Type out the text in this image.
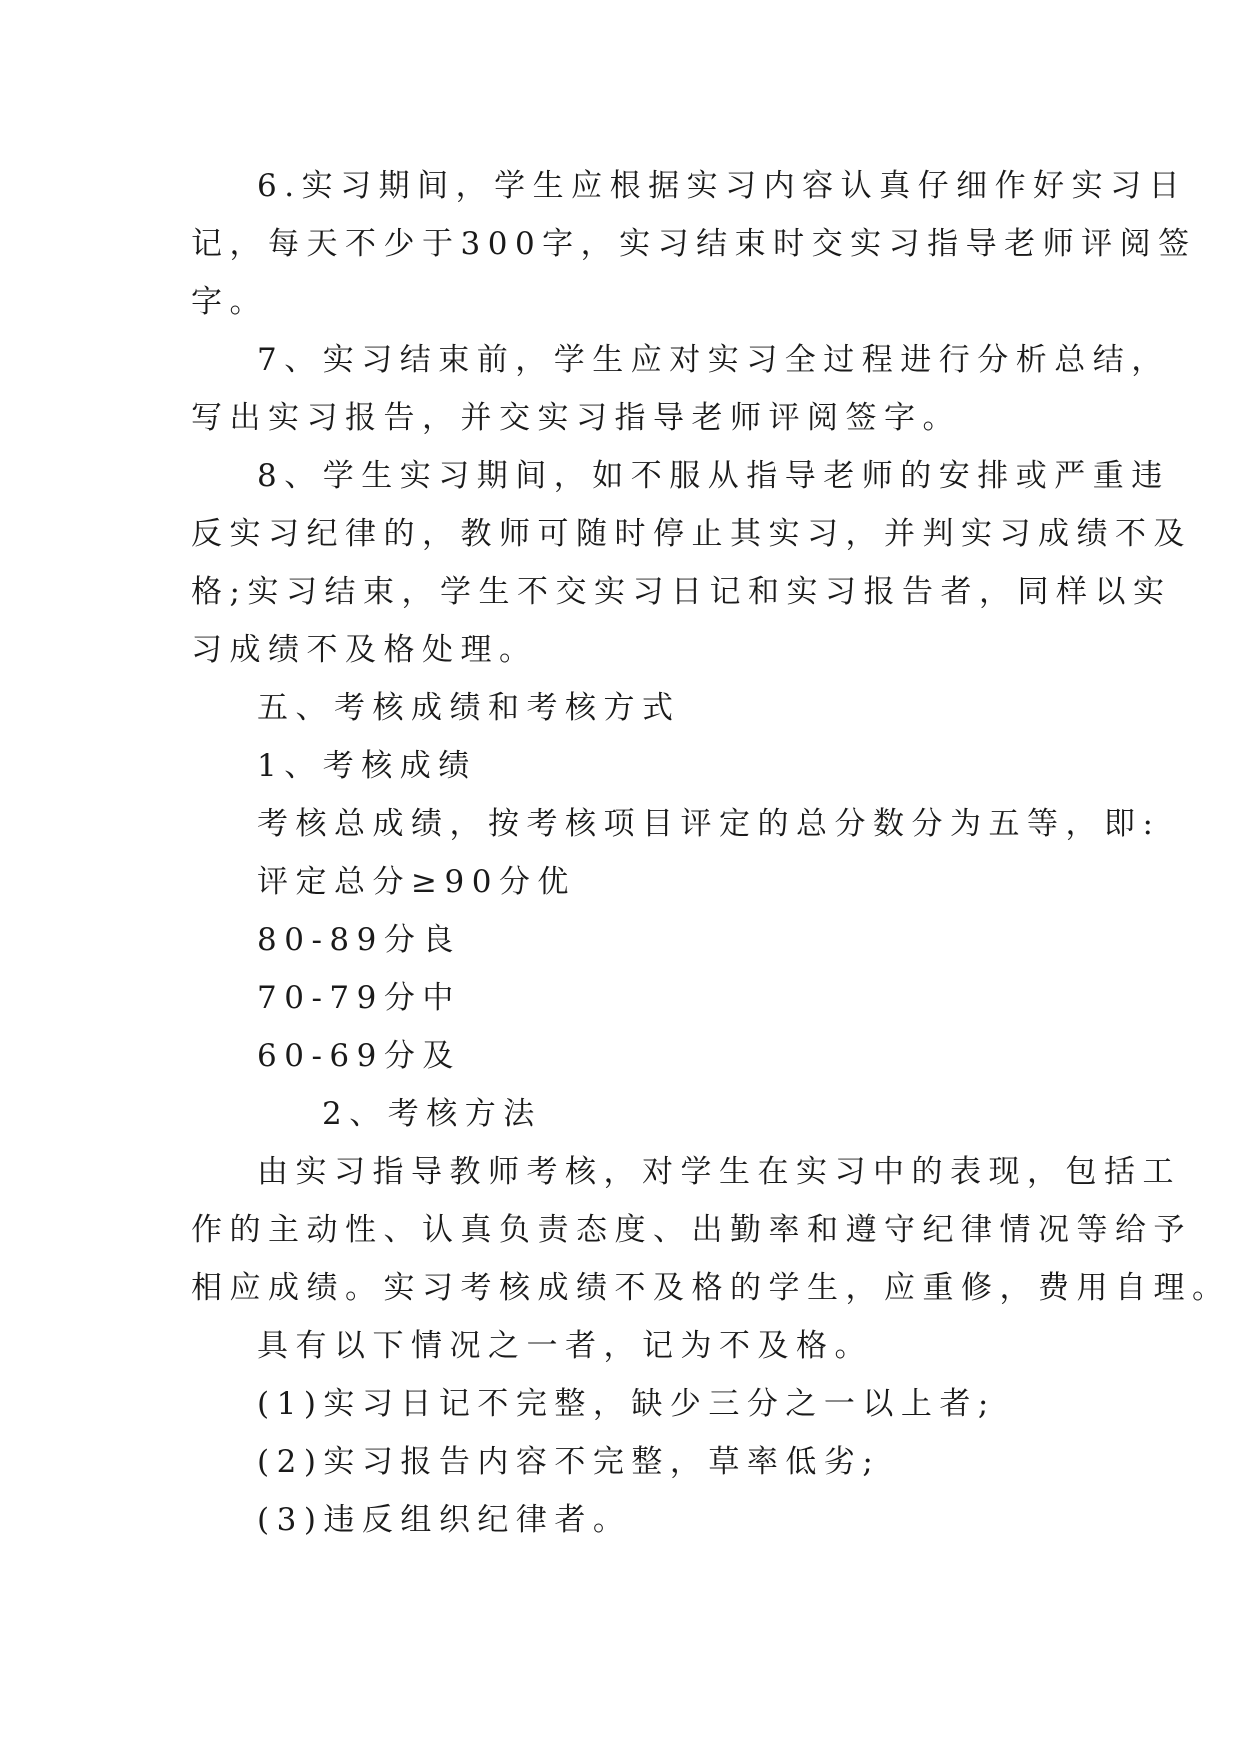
6.实习期间，学生应根据实习内容认真仔细作好实习日
记，每天不少于300字，实习结束时交实习指导老师评阅签
字。
7、实习结束前，学生应对实习全过程进行分析总结，
写出实习报告，并交实习指导老师评阅签字。
8、学生实习期间，如不服从指导老师的安排或严重违
反实习纪律的，教师可随时停止其实习，并判实习成绩不及
格;实习结束，学生不交实习日记和实习报告者，同样以实
习成绩不及格处理。
五、考核成绩和考核方式
1、考核成绩
考核总成绩，按考核项目评定的总分数分为五等，即:
评定总分≥90分优
80-89分良
70-79分中
60-69分及
2、考核方法
由实习指导教师考核，对学生在实习中的表现，包括工
作的主动性、认真负责态度、出勤率和遵守纪律情况等给予
相应成绩。实习考核成绩不及格的学生，应重修，费用自理。
具有以下情况之一者，记为不及格。
(1)实习日记不完整，缺少三分之一以上者;
(2)实习报告内容不完整，草率低劣;
(3)违反组织纪律者。
